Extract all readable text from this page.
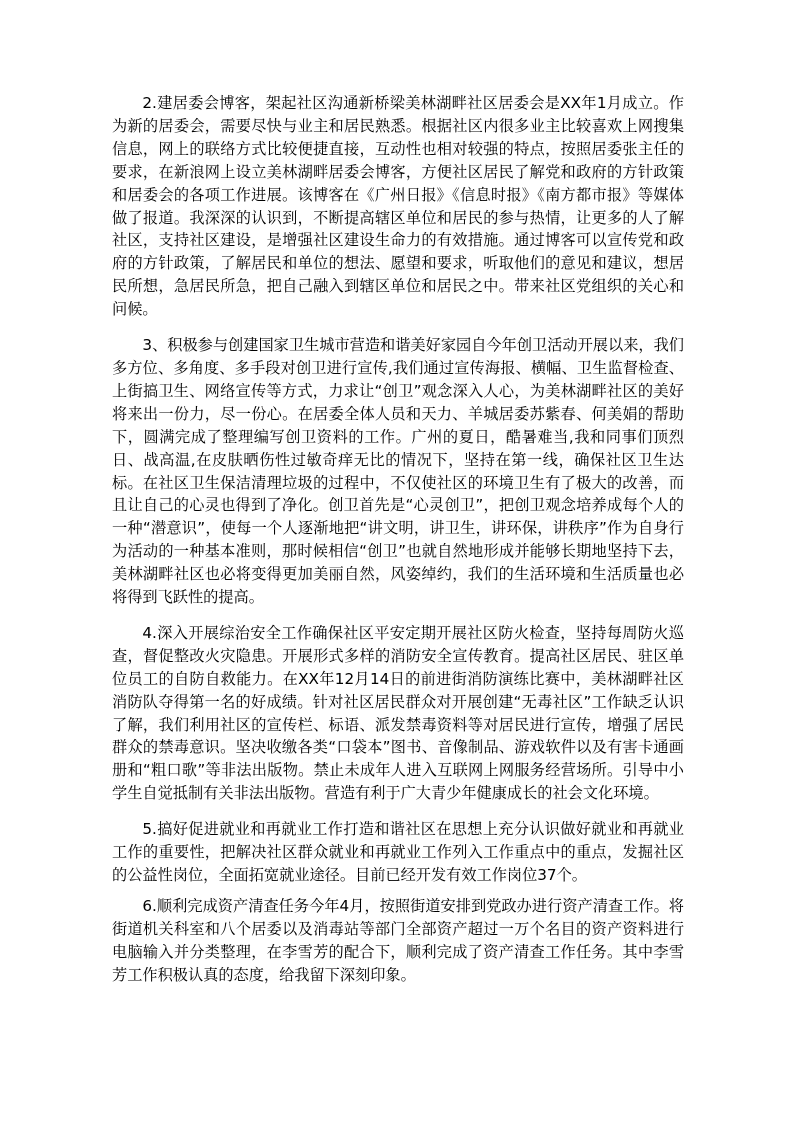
2.建居委会博客，架起社区沟通新桥梁美林湖畔社区居委会是XX年1月成立。作为新的居委会，需要尽快与业主和居民熟悉。根据社区内很多业主比较喜欢上网搜集信息，网上的联络方式比较便捷直接，互动性也相对较强的特点，按照居委张主任的要求，在新浪网上设立美林湖畔居委会博客，方便社区居民了解党和政府的方针政策和居委会的各项工作进展。该博客在《广州日报》《信息时报》《南方都市报》等媒体做了报道。我深深的认识到，不断提高辖区单位和居民的参与热情，让更多的人了解社区，支持社区建设，是增强社区建设生命力的有效措施。通过博客可以宣传党和政府的方针政策，了解居民和单位的想法、愿望和要求，听取他们的意见和建议，想居民所想，急居民所急，把自己融入到辖区单位和居民之中。带来社区党组织的关心和问候。

3、积极参与创建国家卫生城市营造和谐美好家园自今年创卫活动开展以来，我们多方位、多角度、多手段对创卫进行宣传,我们通过宣传海报、横幅、卫生监督检查、上街搞卫生、网络宣传等方式，力求让“创卫”观念深入人心，为美林湖畔社区的美好将来出一份力，尽一份心。在居委全体人员和天力、羊城居委苏紫春、何美娟的帮助下，圆满完成了整理编写创卫资料的工作。广州的夏日，酷暑难当,我和同事们顶烈日、战高温,在皮肤晒伤性过敏奇痒无比的情况下，坚持在第一线，确保社区卫生达标。在社区卫生保洁清理垃圾的过程中，不仅使社区的环境卫生有了极大的改善，而且让自己的心灵也得到了净化。创卫首先是“心灵创卫”，把创卫观念培养成每个人的一种“潜意识”，使每一个人逐渐地把“讲文明，讲卫生，讲环保，讲秩序”作为自身行为活动的一种基本准则，那时候相信“创卫”也就自然地形成并能够长期地坚持下去，美林湖畔社区也必将变得更加美丽自然，风姿绰约，我们的生活环境和生活质量也必将得到飞跃性的提高。

4.深入开展综治安全工作确保社区平安定期开展社区防火检查，坚持每周防火巡查，督促整改火灾隐患。开展形式多样的消防安全宣传教育。提高社区居民、驻区单位员工的自防自救能力。在XX年12月14日的前进街消防演练比赛中，美林湖畔社区消防队夺得第一名的好成绩。针对社区居民群众对开展创建“无毒社区”工作缺乏认识了解，我们利用社区的宣传栏、标语、派发禁毒资料等对居民进行宣传，增强了居民群众的禁毒意识。坚决收缴各类“口袋本”图书、音像制品、游戏软件以及有害卡通画册和“粗口歌”等非法出版物。禁止未成年人进入互联网上网服务经营场所。引导中小学生自觉抵制有关非法出版物。营造有利于广大青少年健康成长的社会文化环境。

5.搞好促进就业和再就业工作打造和谐社区在思想上充分认识做好就业和再就业工作的重要性，把解决社区群众就业和再就业工作列入工作重点中的重点，发掘社区的公益性岗位，全面拓宽就业途径。目前已经开发有效工作岗位37个。

6.顺利完成资产清查任务今年4月，按照街道安排到党政办进行资产清查工作。将街道机关科室和八个居委以及消毒站等部门全部资产超过一万个名目的资产资料进行电脑输入并分类整理，在李雪芳的配合下，顺利完成了资产清查工作任务。其中李雪芳工作积极认真的态度，给我留下深刻印象。
